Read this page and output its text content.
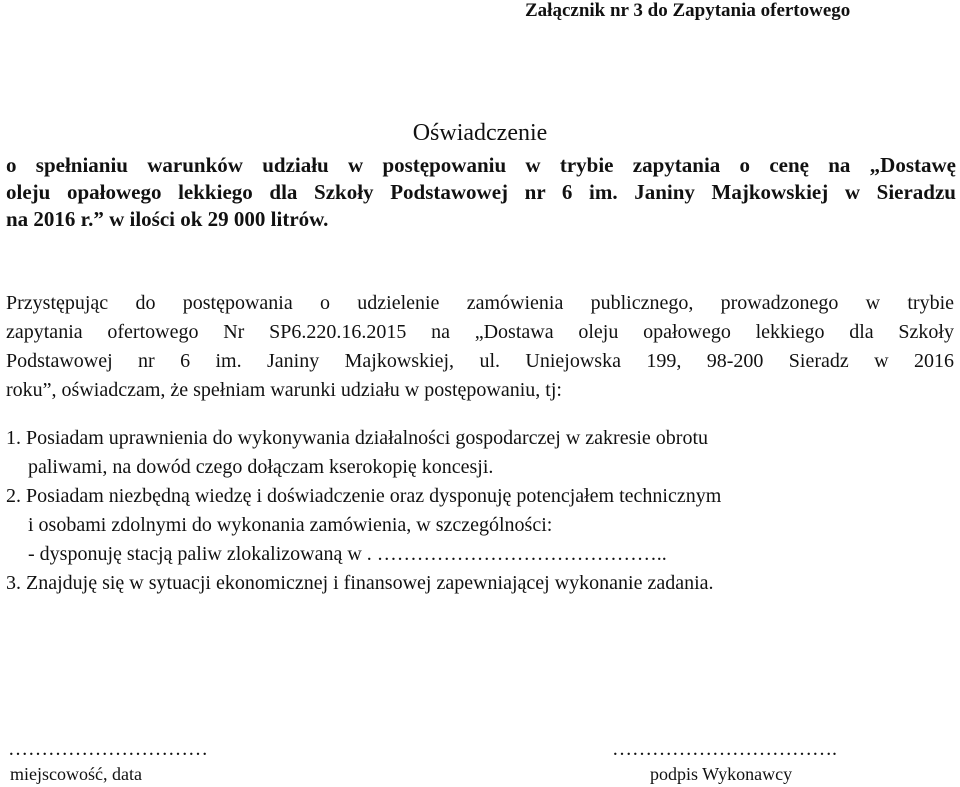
Załącznik nr 3 do Zapytania ofertowego
Oświadczenie
o spełnianiu warunków udziału w postępowaniu w trybie zapytania o cenę na „Dostawę
oleju opałowego lekkiego dla Szkoły Podstawowej nr 6 im. Janiny Majkowskiej w Sieradzu
na 2016 r.” w ilości ok 29 000 litrów.
Przystępując do postępowania o udzielenie zamówienia publicznego, prowadzonego w trybie
zapytania ofertowego Nr SP6.220.16.2015 na „Dostawa oleju opałowego lekkiego dla Szkoły
Podstawowej nr 6 im. Janiny Majkowskiej, ul. Uniejowska 199, 98-200 Sieradz w 2016
roku”, oświadczam, że spełniam warunki udziału w postępowaniu, tj:
1. Posiadam uprawnienia do wykonywania działalności gospodarczej w zakresie obrotu
paliwami, na dowód czego dołączam kserokopię koncesji.
2. Posiadam niezbędną wiedzę i doświadczenie oraz dysponuję potencjałem technicznym
i osobami zdolnymi do wykonania zamówienia, w szczególności:
- dysponuję stacją paliw zlokalizowaną w . ……………………………………..
3. Znajduję się w sytuacji ekonomicznej i finansowej zapewniającej wykonanie zadania.
…………………………
miejscowość, data
…………………………….
podpis Wykonawcy
